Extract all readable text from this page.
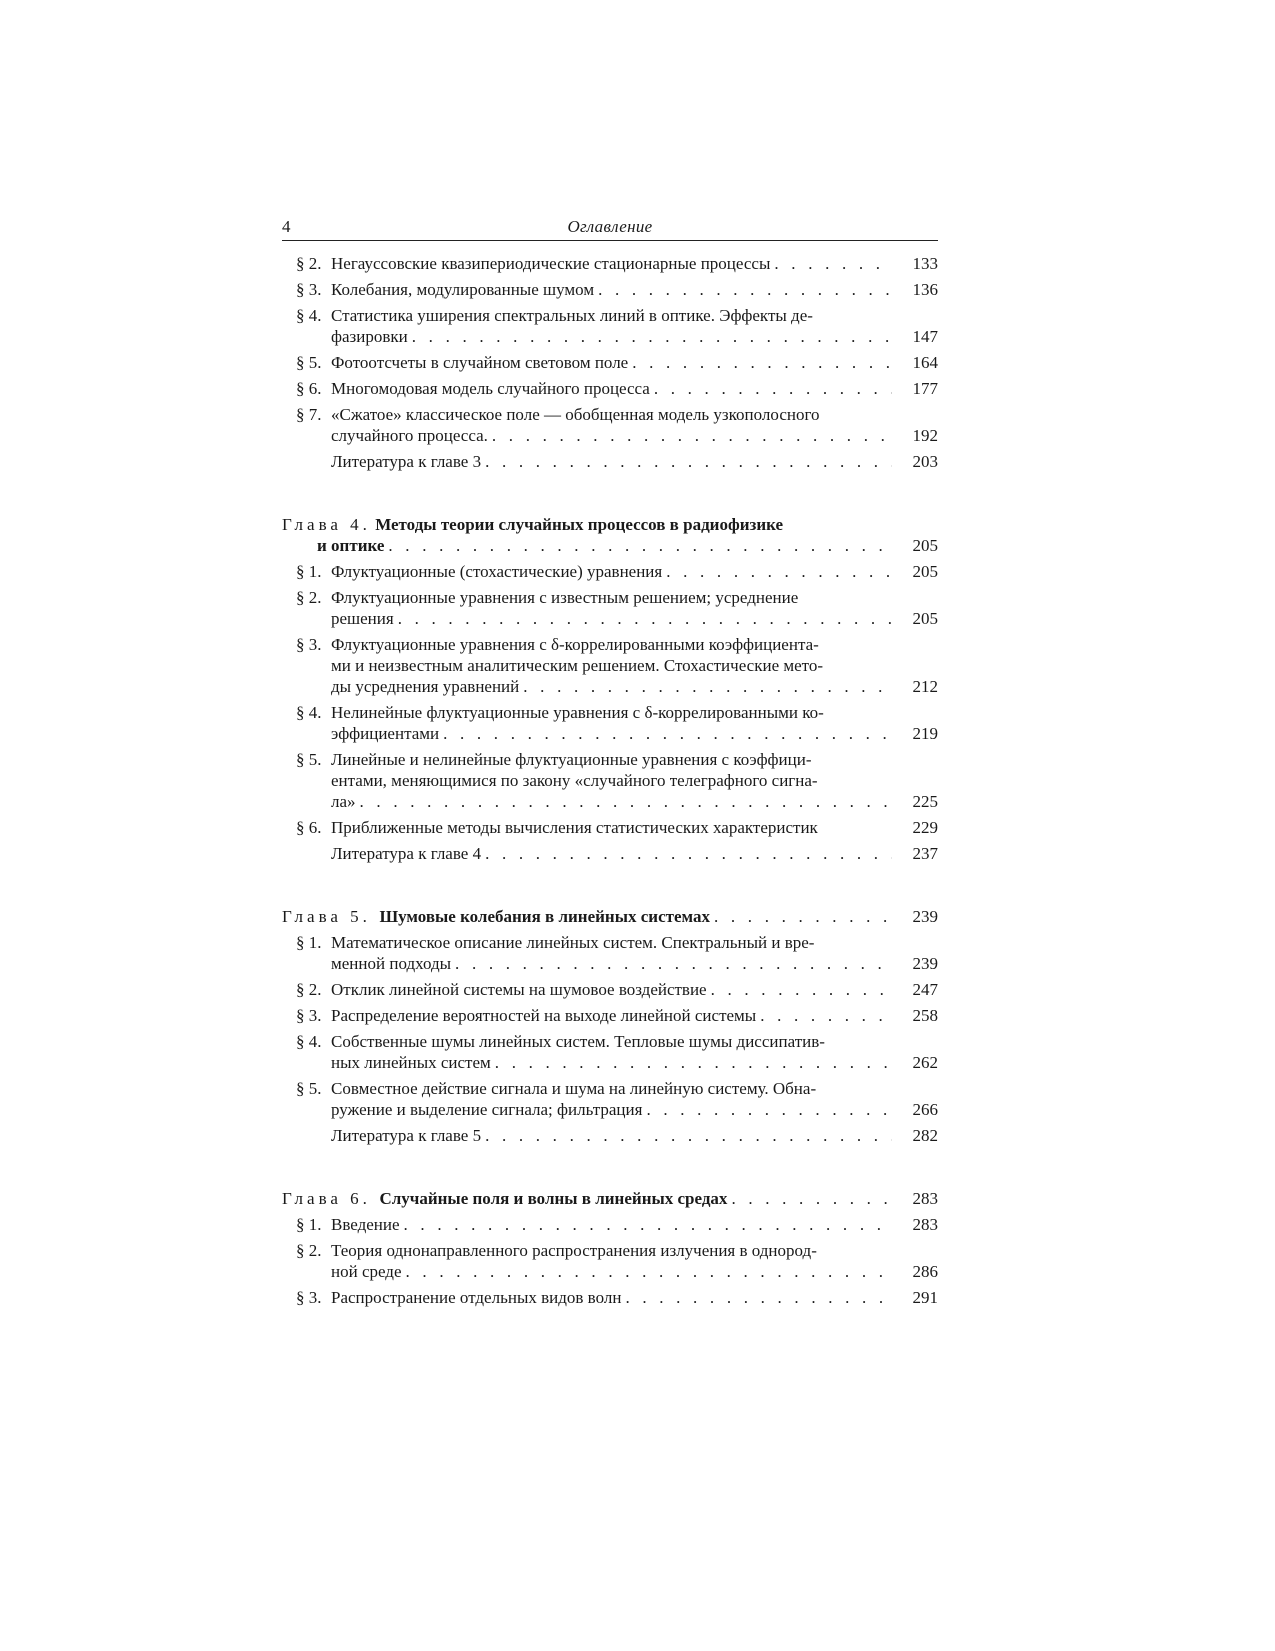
4	Оглавление
§ 2. Негауссовские квазипериодические стационарные процессы . . .	133
§ 3. Колебания, модулированные шумом . . .	136
§ 4. Статистика уширения спектральных линий в оптике. Эффекты де-
фазировки . . .	147
§ 5. Фотоотсчеты в случайном световом поле . . .	164
§ 6. Многомодовая модель случайного процесса . . .	177
§ 7. «Сжатое» классическое поле — обобщенная модель узкополосного
случайного процесса. . . .	192
Литература к главе 3 . . .	203
Глава 4. Методы теории случайных процессов в радиофизике
и оптике . . .	205
§ 1. Флуктуационные (стохастические) уравнения . . .	205
§ 2. Флуктуационные уравнения с известным решением; усреднение
решения . . .	205
§ 3. Флуктуационные уравнения с δ-коррелированными коэффициента-
ми и неизвестным аналитическим решением. Стохастические мето-
ды усреднения уравнений . . .	212
§ 4. Нелинейные флуктуационные уравнения с δ-коррелированными ко-
эффициентами . . .	219
§ 5. Линейные и нелинейные флуктуационные уравнения с коэффици-
ентами, меняющимися по закону «случайного телеграфного сигна-
ла» . . .	225
§ 6. Приближенные методы вычисления статистических характеристик	229
Литература к главе 4 . . .	237
Глава 5.
Шумовые колебания в линейных системах . . .	239
§ 1. Математическое описание линейных систем. Спектральный и вре-
менной подходы . . .	239
§ 2. Отклик линейной системы на шумовое воздействие . . .	247
§ 3. Распределение вероятностей на выходе линейной системы . . .	258
§ 4. Собственные шумы линейных систем. Тепловые шумы диссипатив-
ных линейных систем . . .	262
§ 5. Совместное действие сигнала и шума на линейную систему. Обна-
ружение и выделение сигнала; фильтрация . . .	266
Литература к главе 5 . . .	282
Глава 6.
Случайные поля и волны в линейных средах . . .	283
§ 1. Введение . . .	283
§ 2. Теория однонаправленного распространения излучения в однород-
ной среде . . .	286
§ 3. Распространение отдельных видов волн . . .	291
